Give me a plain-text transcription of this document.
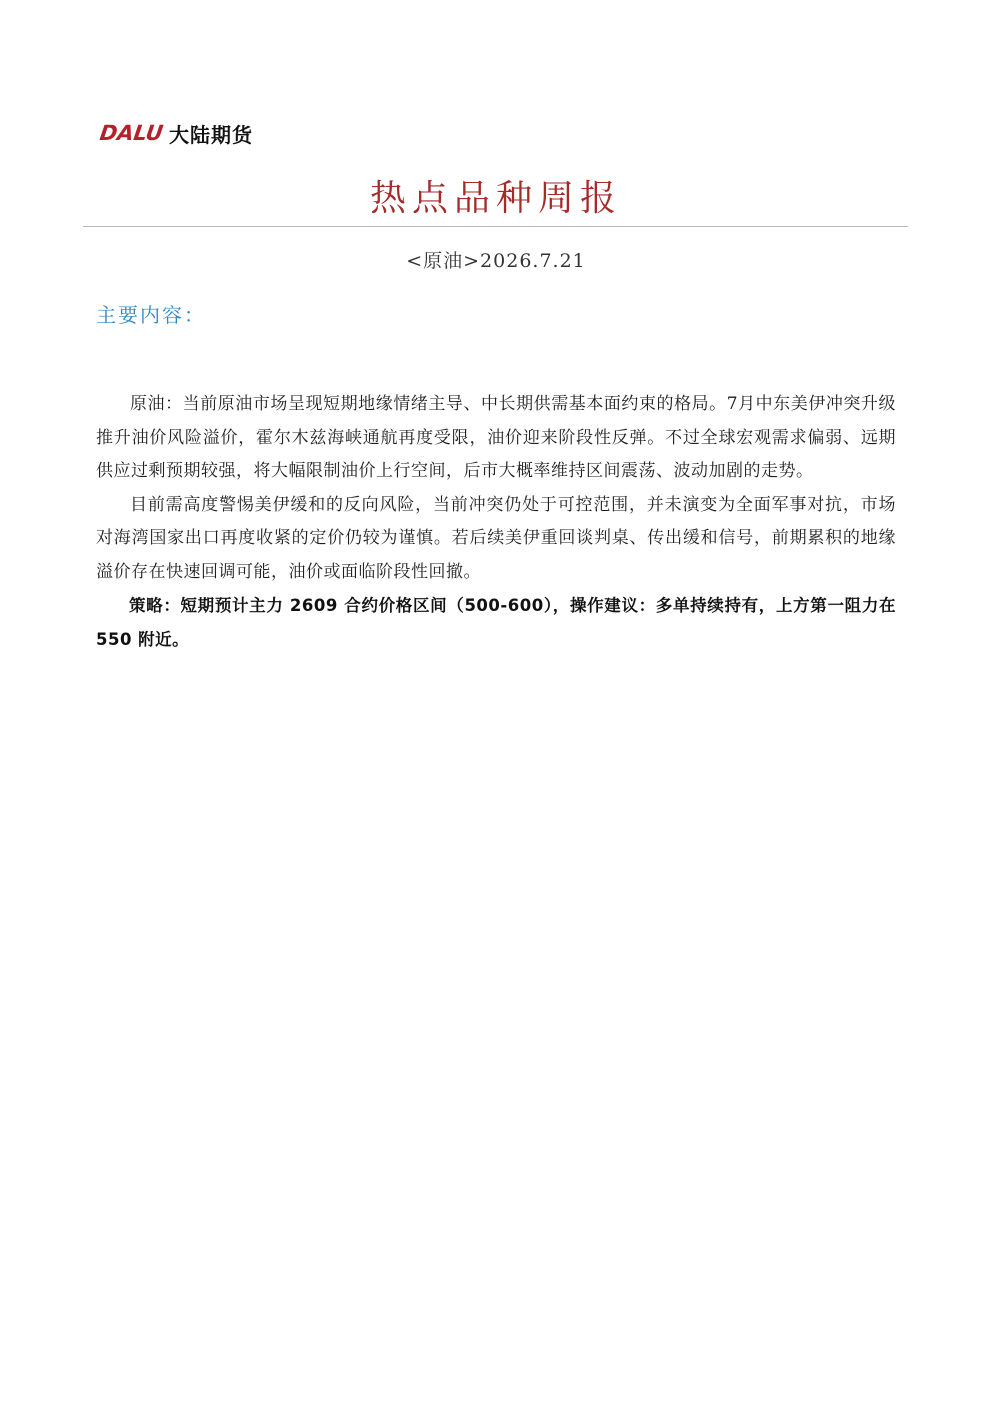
DALU 大陆期货
热点品种周报
<原油>2026.7.21
主要内容：

原油：当前原油市场呈现短期地缘情绪主导、中长期供需基本面约束的格局。7月中东美伊冲突升级推升油价风险溢价，霍尔木兹海峡通航再度受限，油价迎来阶段性反弹。不过全球宏观需求偏弱、远期供应过剩预期较强，将大幅限制油价上行空间，后市大概率维持区间震荡、波动加剧的走势。

目前需高度警惕美伊缓和的反向风险，当前冲突仍处于可控范围，并未演变为全面军事对抗，市场对海湾国家出口再度收紧的定价仍较为谨慎。若后续美伊重回谈判桌、传出缓和信号，前期累积的地缘溢价存在快速回调可能，油价或面临阶段性回撤。

策略：短期预计主力 2609 合约价格区间（500-600），操作建议：多单持续持有，上方第一阻力在 550 附近。
